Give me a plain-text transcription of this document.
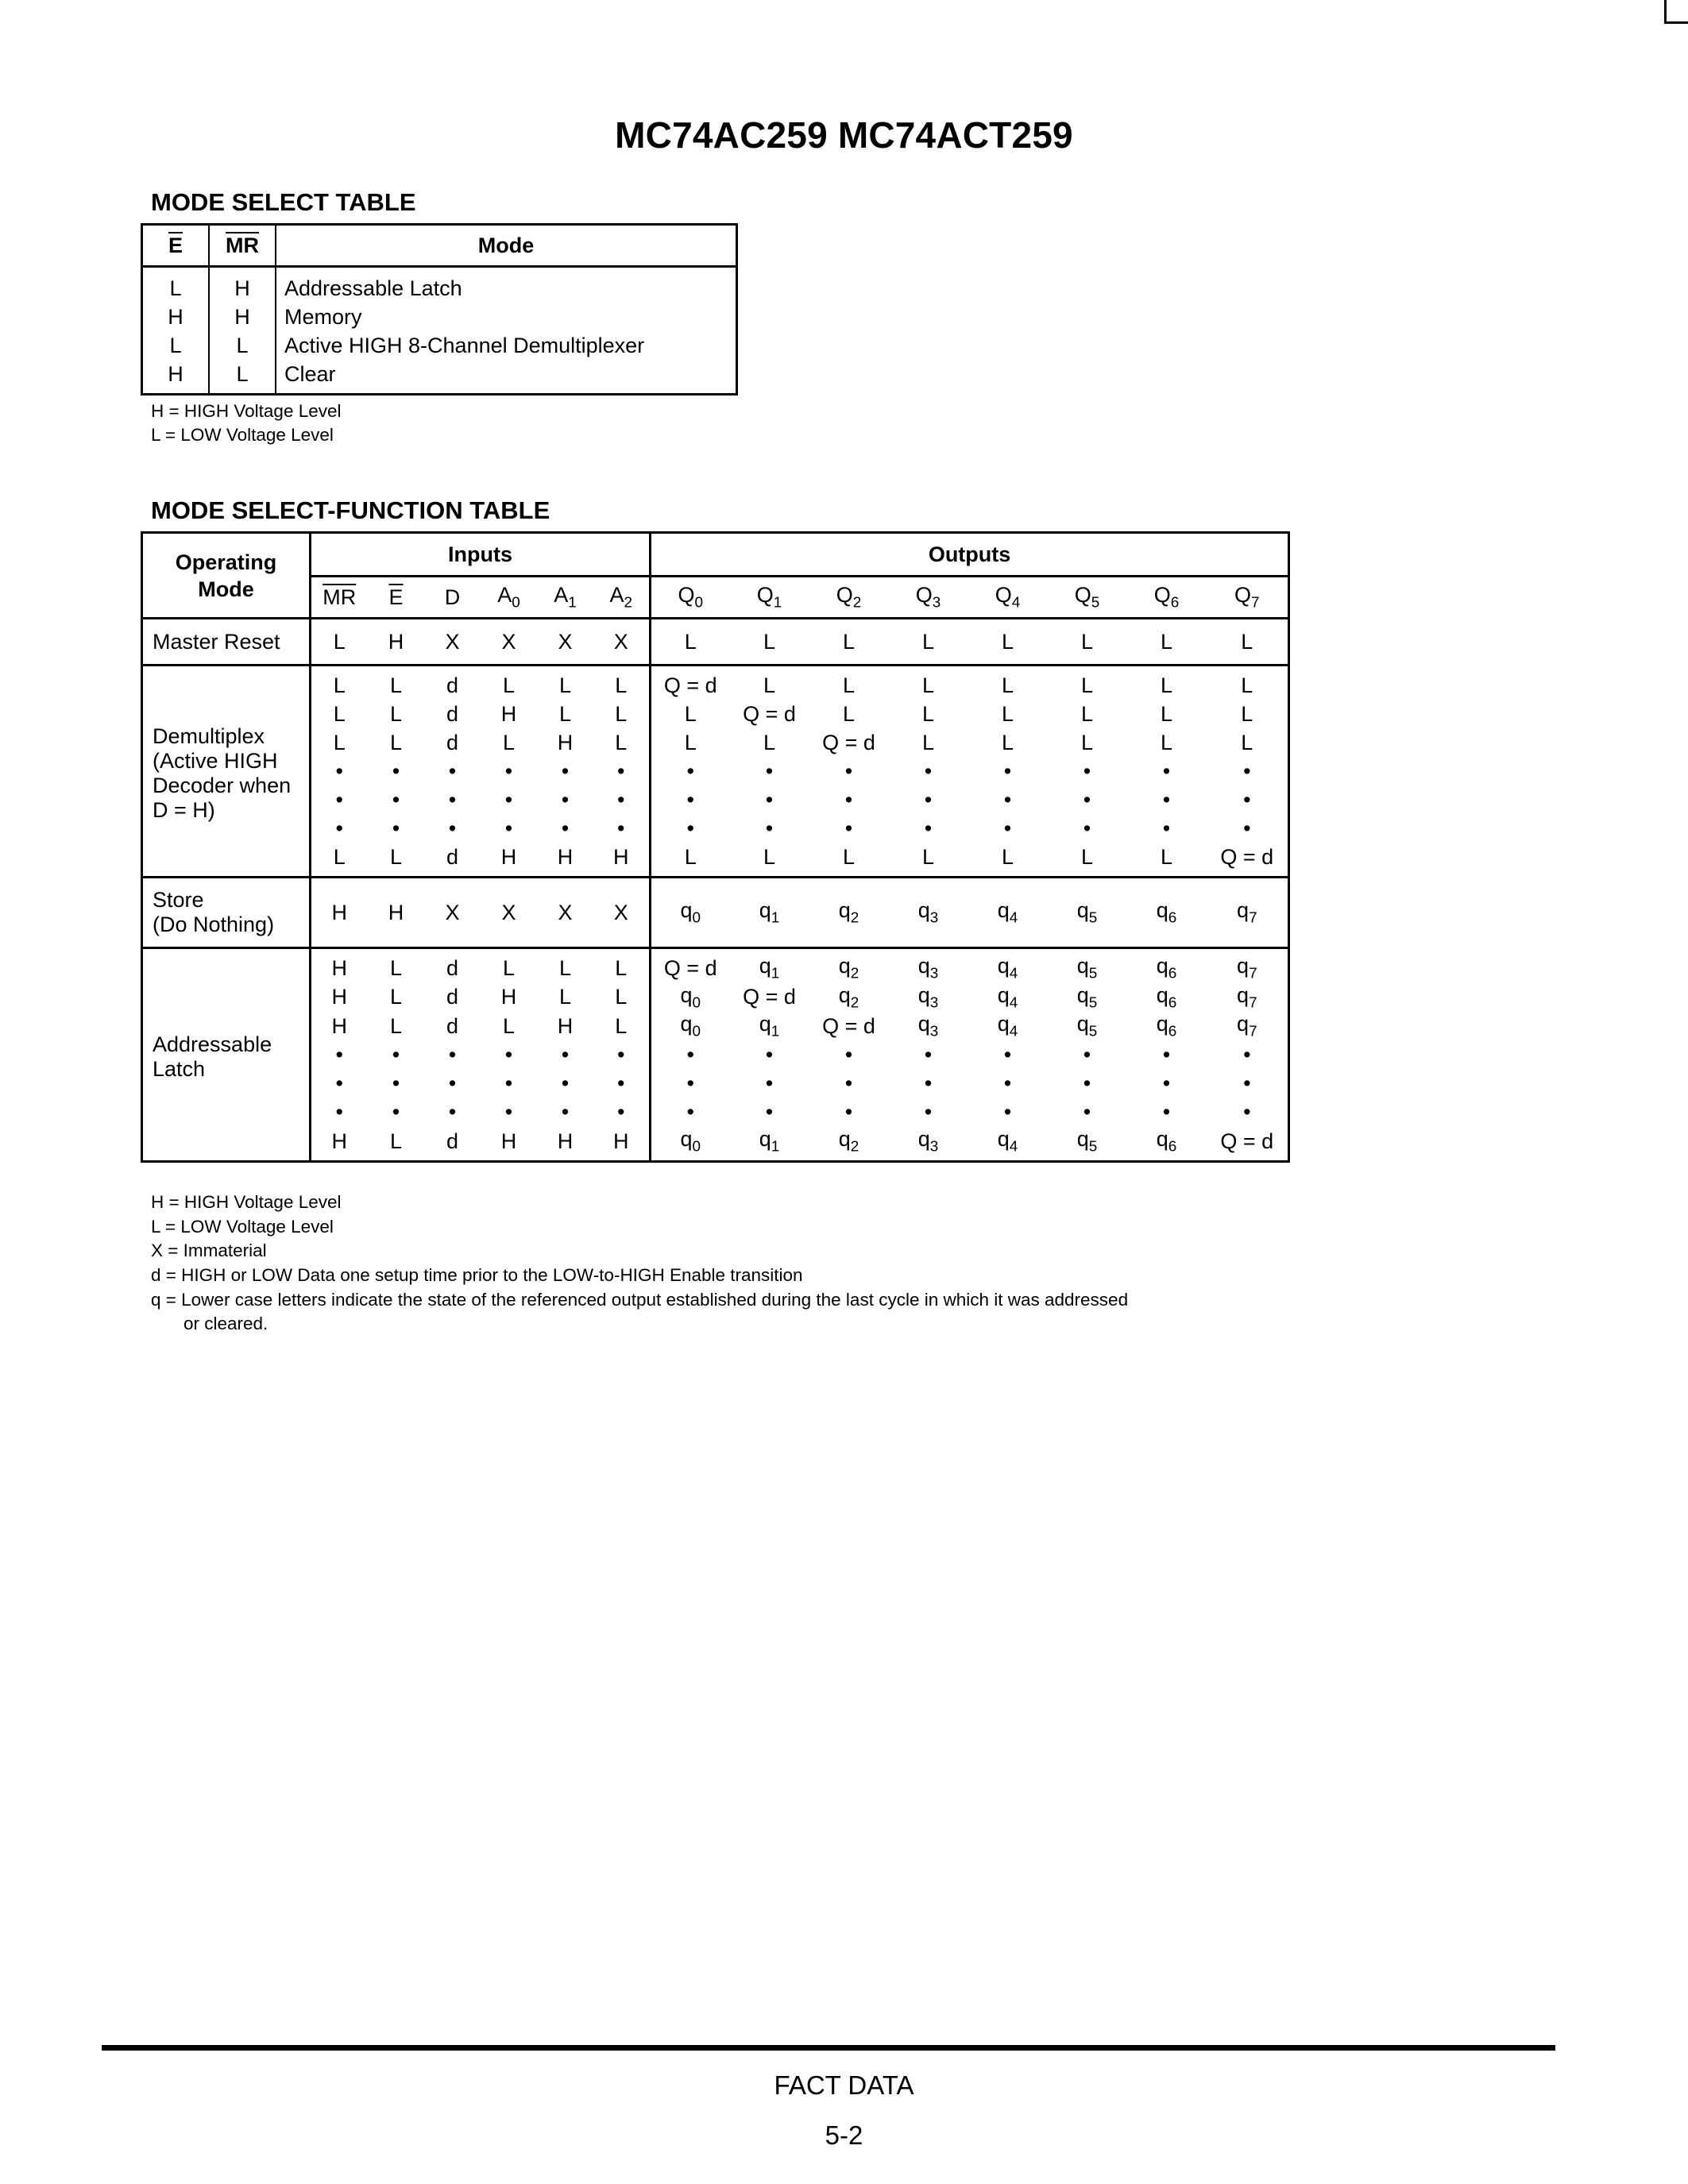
MC74AC259 MC74ACT259
MODE SELECT TABLE
$\overline{E}$	$\overline{MR}$	Mode
L	H	Addressable Latch
H	H	Memory
L	L	Active HIGH 8-Channel Demultiplexer
H	L	Clear
H = HIGH Voltage Level
L = LOW Voltage Level
MODE SELECT-FUNCTION TABLE
Operating
Mode	Inputs						Outputs							
	$\overline{MR}$	$\overline{E}$	D	$A_0$	$A_1$	$A_2$	$Q_0$	$Q_1$	$Q_2$	$Q_3$	$Q_4$	$Q_5$	$Q_6$	$Q_7$

Master Reset	L	H	X	X	X	X	L	L	L	L	L	L	L	L

Demultiplex
(Active HIGH
Decoder when
D = H)	L	L	d	L	L	L	Q = d	L	L	L	L	L	L	L
	L	L	d	H	L	L	L	Q = d	L	L	L	L	L	L
	L	L	d	L	H	L	L	L	Q = d	L	L	L	L	L
	•	•	•	•	•	•	•	•	•	•	•	•	•	•
	•	•	•	•	•	•	•	•	•	•	•	•	•	•
	•	•	•	•	•	•	•	•	•	•	•	•	•	•
	L	L	d	H	H	H	L	L	L	L	L	L	L	Q = d

Store
(Do Nothing)	H	H	X	X	X	X	$q_0$	$q_1$	$q_2$	$q_3$	$q_4$	$q_5$	$q_6$	$q_7$

Addressable
Latch	H	L	d	L	L	L	Q = d	$q_1$	$q_2$	$q_3$	$q_4$	$q_5$	$q_6$	$q_7$
	H	L	d	H	L	L	$q_0$	Q = d	$q_2$	$q_3$	$q_4$	$q_5$	$q_6$	$q_7$
	H	L	d	L	H	L	$q_0$	$q_1$	Q = d	$q_3$	$q_4$	$q_5$	$q_6$	$q_7$
	•	•	•	•	•	•	•	•	•	•	•	•	•	•
	•	•	•	•	•	•	•	•	•	•	•	•	•	•
	•	•	•	•	•	•	•	•	•	•	•	•	•	•
	H	L	d	H	H	H	$q_0$	$q_1$	$q_2$	$q_3$	$q_4$	$q_5$	$q_6$	Q = d
H = HIGH Voltage Level
L = LOW Voltage Level
X = Immaterial
d = HIGH or LOW Data one setup time prior to the LOW-to-HIGH Enable transition
q = Lower case letters indicate the state of the referenced output established during the last cycle in which it was addressed
or cleared.
FACT DATA
5-2
